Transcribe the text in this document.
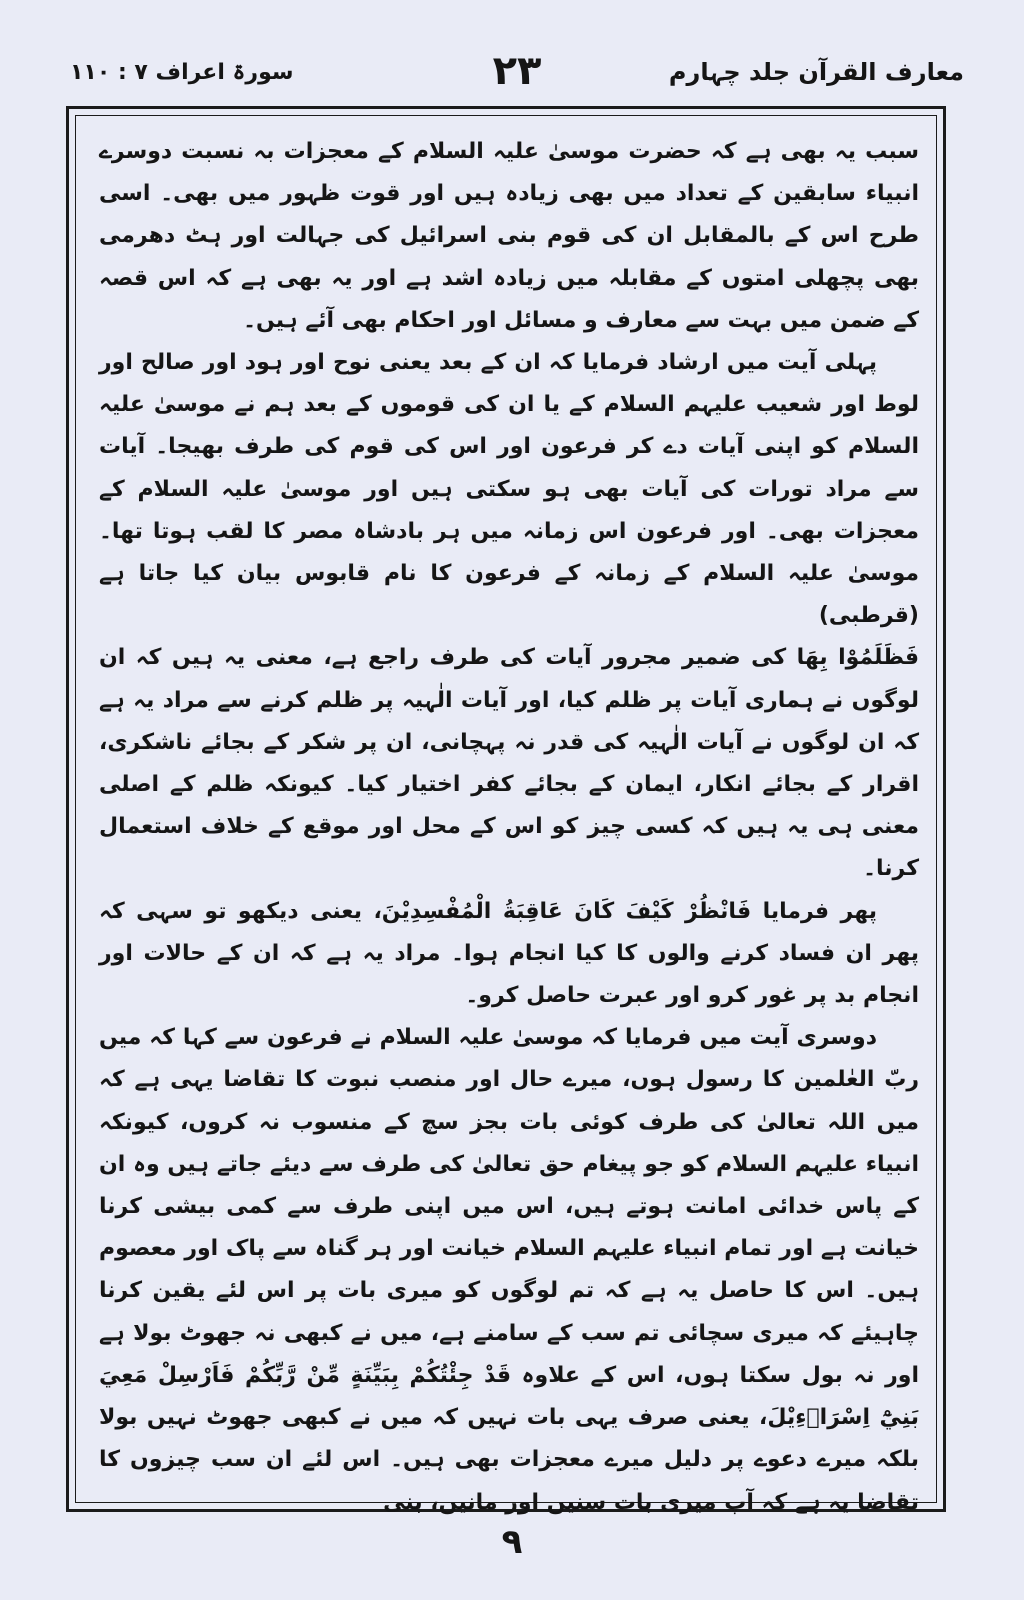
معارف القرآن جلد چہارم
۲۳
سورۃ اعراف ۷ : ۱۱۰

سبب یہ بھی ہے کہ حضرت موسیٰ علیہ السلام کے معجزات بہ نسبت دوسرے انبیاء سابقین کے تعداد میں بھی زیادہ ہیں اور قوت ظہور میں بھی۔ اسی طرح اس کے بالمقابل ان کی قوم بنی اسرائیل کی جہالت اور ہٹ دھرمی بھی پچھلی امتوں کے مقابلہ میں زیادہ اشد ہے اور یہ بھی ہے کہ اس قصہ کے ضمن میں بہت سے معارف و مسائل اور احکام بھی آئے ہیں۔

پہلی آیت میں ارشاد فرمایا کہ ان کے بعد یعنی نوح اور ہود اور صالح اور لوط اور شعیب علیہم السلام کے یا ان کی قوموں کے بعد ہم نے موسیٰ علیہ السلام کو اپنی آیات دے کر فرعون اور اس کی قوم کی طرف بھیجا۔ آیات سے مراد تورات کی آیات بھی ہو سکتی ہیں اور موسیٰ علیہ السلام کے معجزات بھی۔ اور فرعون اس زمانہ میں ہر بادشاہ مصر کا لقب ہوتا تھا۔ موسیٰ علیہ السلام کے زمانہ کے فرعون کا نام قابوس بیان کیا جاتا ہے (قرطبی)

فَظَلَمُوْا بِهَا کی ضمیر مجرور آیات کی طرف راجع ہے، معنی یہ ہیں کہ ان لوگوں نے ہماری آیات پر ظلم کیا، اور آیات الٰہیہ پر ظلم کرنے سے مراد یہ ہے کہ ان لوگوں نے آیات الٰہیہ کی قدر نہ پہچانی، ان پر شکر کے بجائے ناشکری، اقرار کے بجائے انکار، ایمان کے بجائے کفر اختیار کیا۔ کیونکہ ظلم کے اصلی معنی ہی یہ ہیں کہ کسی چیز کو اس کے محل اور موقع کے خلاف استعمال کرنا۔

پھر فرمایا فَانْظُرْ كَيْفَ كَانَ عَاقِبَةُ الْمُفْسِدِيْنَ، یعنی دیکھو تو سہی کہ پھر ان فساد کرنے والوں کا کیا انجام ہوا۔ مراد یہ ہے کہ ان کے حالات اور انجام بد پر غور کرو اور عبرت حاصل کرو۔

دوسری آیت میں فرمایا کہ موسیٰ علیہ السلام نے فرعون سے کہا کہ میں ربّ العٰلمین کا رسول ہوں، میرے حال اور منصب نبوت کا تقاضا یہی ہے کہ میں اللہ تعالیٰ کی طرف کوئی بات بجز سچ کے منسوب نہ کروں، کیونکہ انبیاء علیہم السلام کو جو پیغام حق تعالیٰ کی طرف سے دیئے جاتے ہیں وہ ان کے پاس خدائی امانت ہوتے ہیں، اس میں اپنی طرف سے کمی بیشی کرنا خیانت ہے اور تمام انبیاء علیہم السلام خیانت اور ہر گناہ سے پاک اور معصوم ہیں۔ اس کا حاصل یہ ہے کہ تم لوگوں کو میری بات پر اس لئے یقین کرنا چاہیئے کہ میری سچائی تم سب کے سامنے ہے، میں نے کبھی نہ جھوٹ بولا ہے اور نہ بول سکتا ہوں، اس کے علاوہ قَدْ جِئْتُكُمْ بِبَيِّنَةٍ مِّنْ رَّبِّكُمْ فَاَرْسِلْ مَعِيَ بَنِيْٓ اِسْرَاۗءِيْلَ، یعنی صرف یہی بات نہیں کہ میں نے کبھی جھوٹ نہیں بولا بلکہ میرے دعوے پر دلیل میرے معجزات بھی ہیں۔ اس لئے ان سب چیزوں کا تقاضا یہ ہے کہ آپ میری بات سنیں اور مانیں، بنی

۹
